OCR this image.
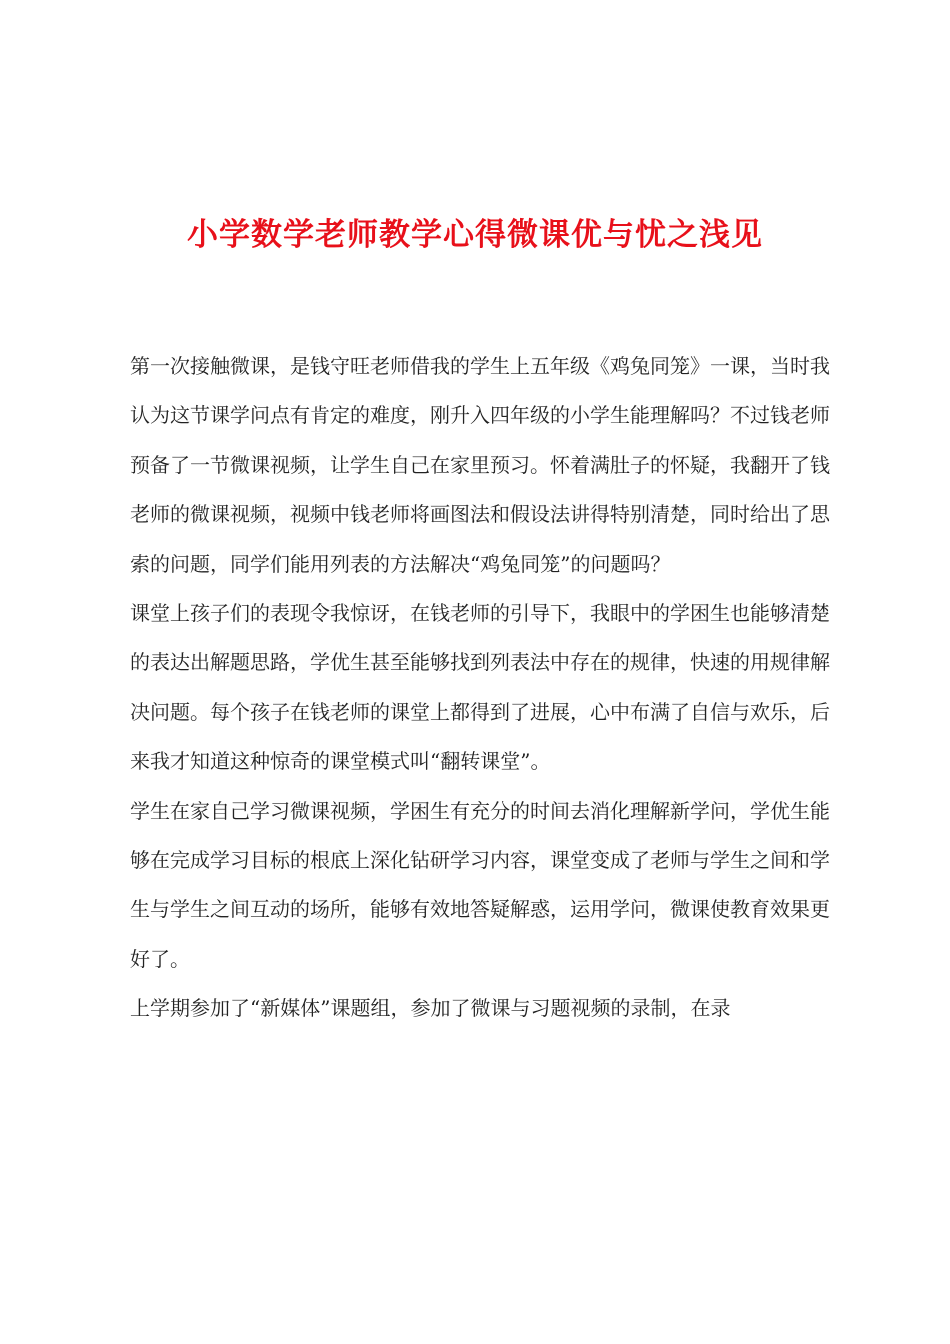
小学数学老师教学心得微课优与忧之浅见

第一次接触微课，是钱守旺老师借我的学生上五年级《鸡兔同笼》一课，当时我认为这节课学问点有肯定的难度，刚升入四年级的小学生能理解吗？不过钱老师预备了一节微课视频，让学生自己在家里预习。怀着满肚子的怀疑，我翻开了钱老师的微课视频，视频中钱老师将画图法和假设法讲得特别清楚，同时给出了思索的问题，同学们能用列表的方法解决“鸡兔同笼”的问题吗？

课堂上孩子们的表现令我惊讶，在钱老师的引导下，我眼中的学困生也能够清楚的表达出解题思路，学优生甚至能够找到列表法中存在的规律，快速的用规律解决问题。每个孩子在钱老师的课堂上都得到了进展，心中布满了自信与欢乐，后来我才知道这种惊奇的课堂模式叫“翻转课堂”。

学生在家自己学习微课视频，学困生有充分的时间去消化理解新学问，学优生能够在完成学习目标的根底上深化钻研学习内容，课堂变成了老师与学生之间和学生与学生之间互动的场所，能够有效地答疑解惑，运用学问，微课使教育效果更好了。

上学期参加了“新媒体”课题组，参加了微课与习题视频的录制，在录
